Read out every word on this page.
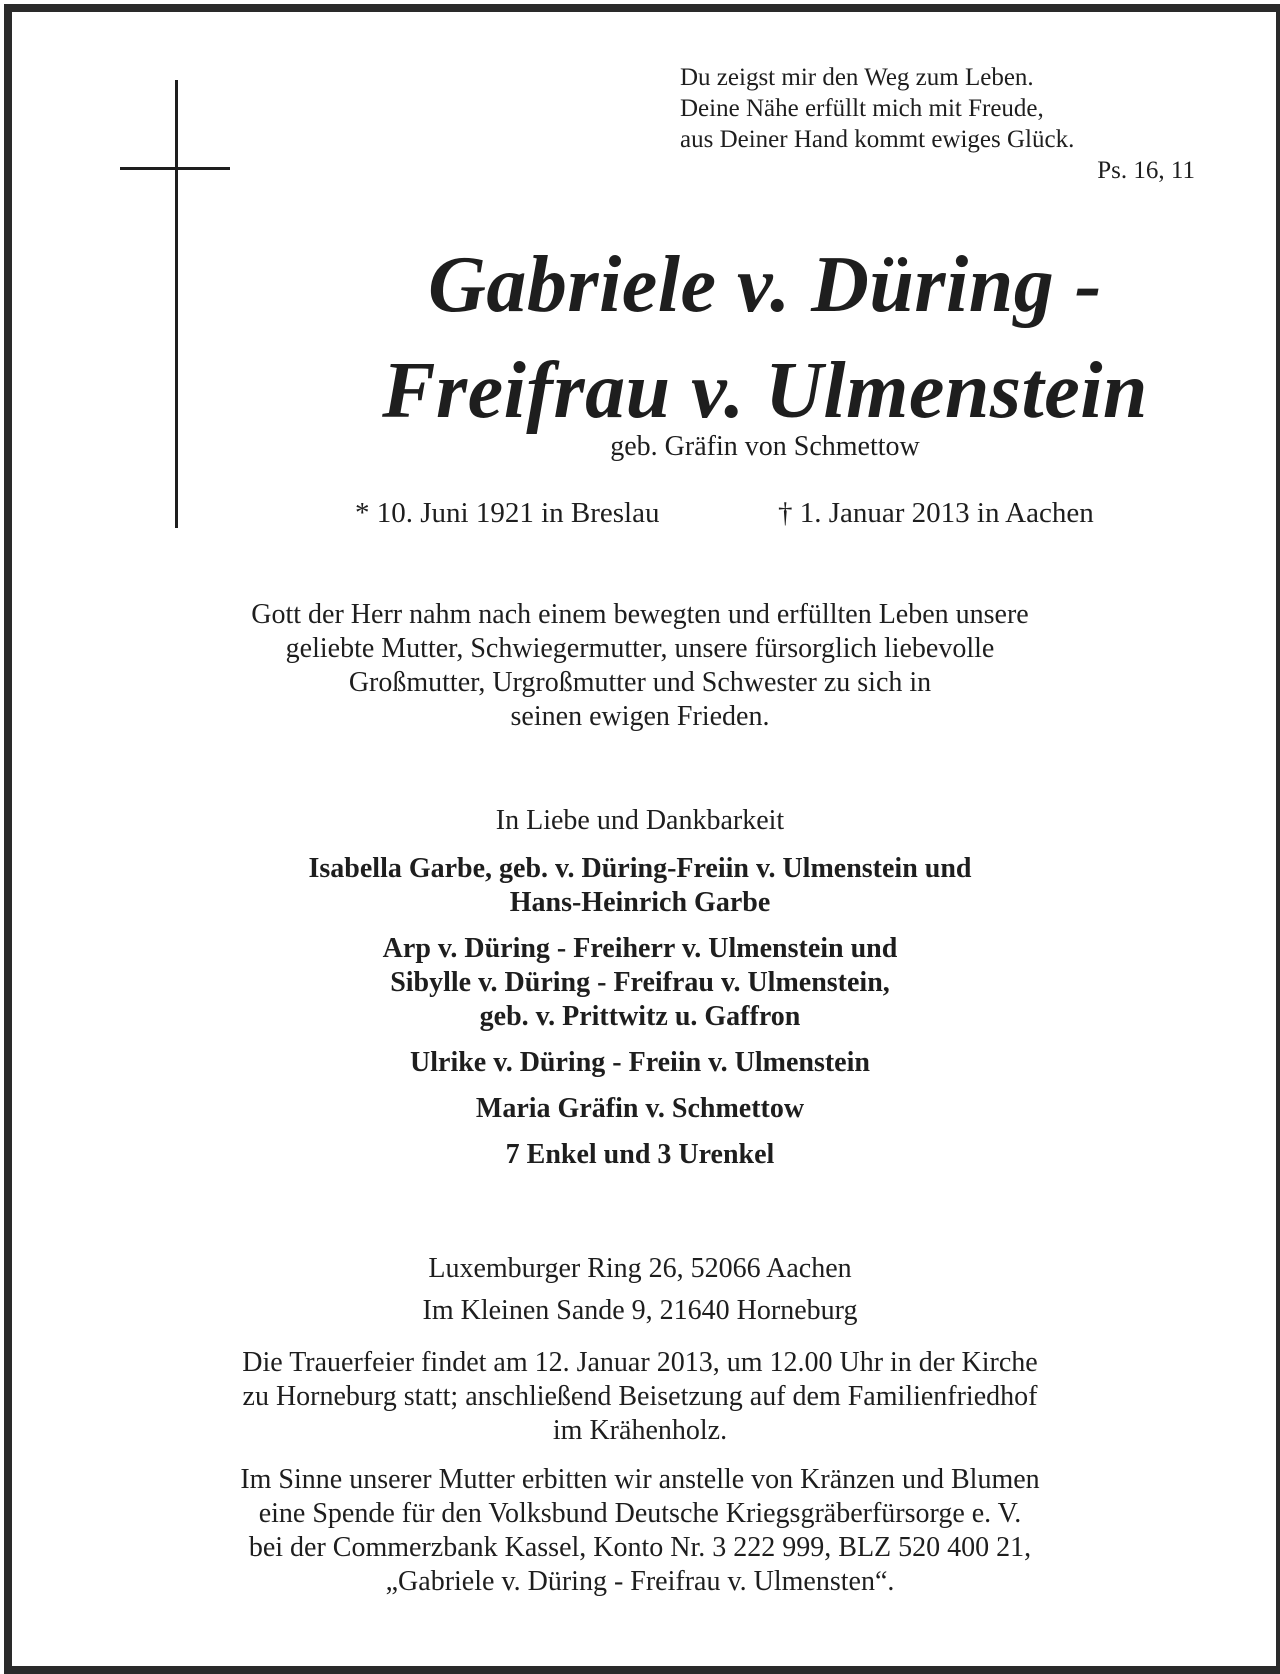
Du zeigst mir den Weg zum Leben.
Deine Nähe erfüllt mich mit Freude,
aus Deiner Hand kommt ewiges Glück.
Ps. 16, 11
Gabriele v. Düring -
Freifrau v. Ulmenstein
geb. Gräfin von Schmettow
* 10. Juni 1921 in Breslau	† 1. Januar 2013 in Aachen
Gott der Herr nahm nach einem bewegten und erfüllten Leben unsere
geliebte Mutter, Schwiegermutter, unsere fürsorglich liebevolle
Großmutter, Urgroßmutter und Schwester zu sich in
seinen ewigen Frieden.
In Liebe und Dankbarkeit
Isabella Garbe, geb. v. Düring-Freiin v. Ulmenstein und
Hans-Heinrich Garbe
Arp v. Düring - Freiherr v. Ulmenstein und
Sibylle v. Düring - Freifrau v. Ulmenstein,
geb. v. Prittwitz u. Gaffron
Ulrike v. Düring - Freiin v. Ulmenstein
Maria Gräfin v. Schmettow
7 Enkel und 3 Urenkel
Luxemburger Ring 26, 52066 Aachen
Im Kleinen Sande 9, 21640 Horneburg
Die Trauerfeier findet am 12. Januar 2013, um 12.00 Uhr in der Kirche
zu Horneburg statt; anschließend Beisetzung auf dem Familienfriedhof
im Krähenholz.
Im Sinne unserer Mutter erbitten wir anstelle von Kränzen und Blumen
eine Spende für den Volksbund Deutsche Kriegsgräberfürsorge e. V.
bei der Commerzbank Kassel, Konto Nr. 3 222 999, BLZ 520 400 21,
„Gabriele v. Düring - Freifrau v. Ulmensten“.
